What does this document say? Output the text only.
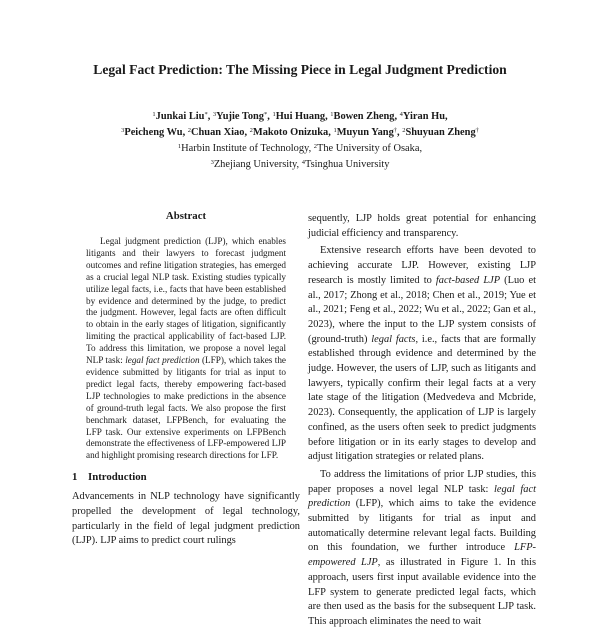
Legal Fact Prediction: The Missing Piece in Legal Judgment Prediction
$^1$Junkai Liu*, $^3$Yujie Tong*, $^1$Hui Huang, $^1$Bowen Zheng, $^4$Yiran Hu,
$^3$Peicheng Wu, $^2$Chuan Xiao, $^2$Makoto Onizuka, $^1$Muyun Yang†, $^2$Shuyuan Zheng†
$^1$Harbin Institute of Technology, $^2$The University of Osaka,
$^3$Zhejiang University, $^4$Tsinghua University
Abstract
Legal judgment prediction (LJP), which enables litigants and their lawyers to forecast judgment outcomes and refine litigation strategies, has emerged as a crucial legal NLP task. Existing studies typically utilize legal facts, i.e., facts that have been established by evidence and determined by the judge, to predict the judgment. However, legal facts are often difficult to obtain in the early stages of litigation, significantly limiting the practical applicability of fact-based LJP. To address this limitation, we propose a novel legal NLP task: legal fact prediction (LFP), which takes the evidence submitted by litigants for trial as input to predict legal facts, thereby empowering fact-based LJP technologies to make predictions in the absence of ground-truth legal facts. We also propose the first benchmark dataset, LFPBench, for evaluating the LFP task. Our extensive experiments on LFPBench demonstrate the effectiveness of LFP-empowered LJP and highlight promising research directions for LFP.
1 Introduction

Advancements in NLP technology have significantly propelled the development of legal technology, particularly in the field of legal judgment prediction (LJP). LJP aims to predict court rulings

sequently, LJP holds great potential for enhancing judicial efficiency and transparency.

Extensive research efforts have been devoted to achieving accurate LJP. However, existing LJP research is mostly limited to fact-based LJP (Luo et al., 2017; Zhong et al., 2018; Chen et al., 2019; Yue et al., 2021; Feng et al., 2022; Wu et al., 2022; Gan et al., 2023), where the input to the LJP system consists of (ground-truth) legal facts, i.e., facts that are formally established through evidence and determined by the judge. However, the users of LJP, such as litigants and lawyers, typically confirm their legal facts at a very late stage of the litigation (Medvedeva and Mcbride, 2023). Consequently, the application of LJP is largely confined, as the users often seek to predict judgments before litigation or in its early stages to develop and adjust litigation strategies or related plans.

To address the limitations of prior LJP studies, this paper proposes a novel legal NLP task: legal fact prediction (LFP), which aims to take the evidence submitted by litigants for trial as input and automatically determine relevant legal facts. Building on this foundation, we further introduce LFP-empowered LJP, as illustrated in Figure 1. In this approach, users first input available evidence into the LFP system to generate predicted legal facts, which are then used as the basis for the subsequent LJP task. This approach eliminates the need to wait
